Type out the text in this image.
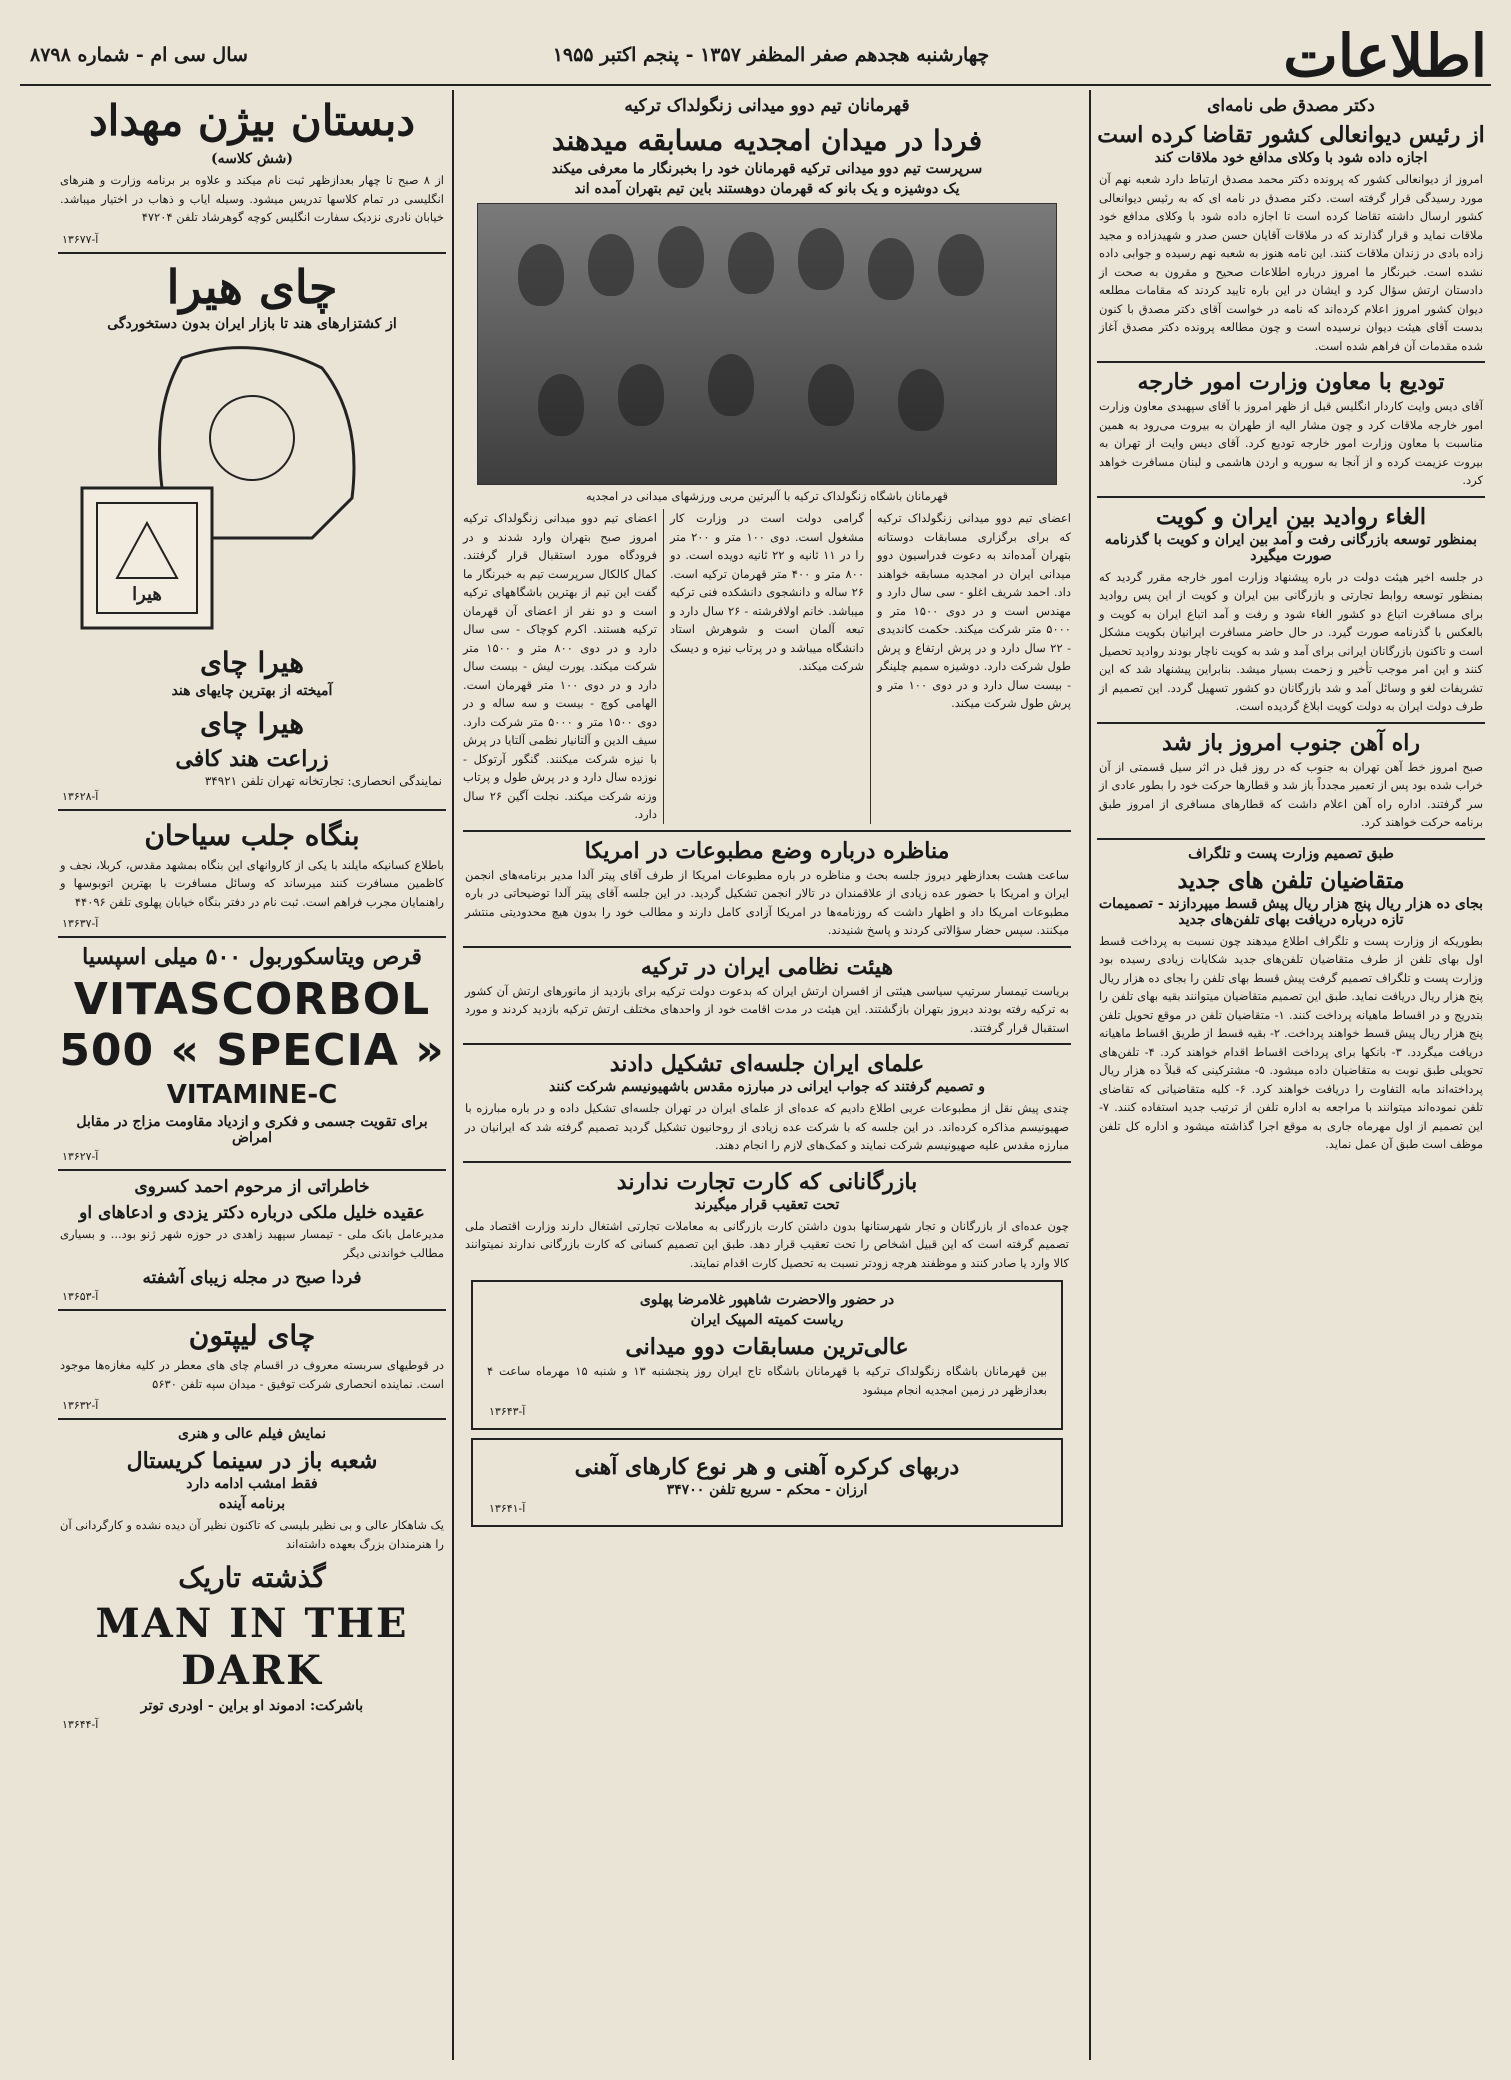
اطلاعات
چهارشنبه هجدهم صفر المظفر ۱۳۵۷ - پنجم اکتبر ۱۹۵۵
سال سی ام - شماره ۸۷۹۸
دکتر مصدق طی نامه‌ای
از رئیس دیوانعالی کشور تقاضا کرده است
اجازه داده شود با وکلای مدافع خود ملاقات کند

امروز از دیوانعالی کشور که پرونده دکتر محمد مصدق ارتباط دارد شعبه نهم آن مورد رسیدگی قرار گرفته است. دکتر مصدق در نامه ای که به رئیس دیوانعالی کشور ارسال داشته تقاضا کرده است تا اجازه داده شود با وکلای مدافع خود ملاقات نماید و قرار گذارند که در ملاقات آقایان حسن صدر و شهیدزاده و مجید زاده بادی در زندان ملاقات کنند. این نامه هنوز به شعبه نهم رسیده و جوابی داده نشده است. خبرنگار ما امروز درباره اطلاعات صحیح و مقرون به صحت از دادستان ارتش سؤال کرد و ایشان در این باره تایید کردند که مقامات مطلعه دیوان کشور امروز اعلام کرده‌اند که نامه در خواست آقای دکتر مصدق با کنون بدست آقای هیئت دیوان نرسیده است و چون مطالعه پرونده دکتر مصدق آغاز شده مقدمات آن فراهم شده است.

تودیع با معاون وزارت امور خارجه

آقای دیس وایت کاردار انگلیس قبل از ظهر امروز با آقای سپهبدی معاون وزارت امور خارجه ملاقات کرد و چون مشار الیه از طهران به بیروت می‌رود به همین مناسبت با معاون وزارت امور خارجه تودیع کرد. آقای دیس وایت از تهران به بیروت عزیمت کرده و از آنجا به سوریه و اردن هاشمی و لبنان مسافرت خواهد کرد.

الغاء روادید بین ایران و کویت
بمنظور توسعه بازرگانی رفت و آمد بین ایران و کویت با گذرنامه صورت میگیرد

در جلسه اخیر هیئت دولت در باره پیشنهاد وزارت امور خارجه مقرر گردید که بمنظور توسعه روابط تجارتی و بازرگانی بین ایران و کویت از این پس روادید برای مسافرت اتباع دو کشور الغاء شود و رفت و آمد اتباع ایران به کویت و بالعکس با گذرنامه صورت گیرد. در حال حاضر مسافرت ایرانیان بکویت مشکل است و تاکنون بازرگانان ایرانی برای آمد و شد به کویت ناچار بودند روادید تحصیل کنند و این امر موجب تأخیر و زحمت بسیار میشد. بنابراین پیشنهاد شد که این تشریفات لغو و وسائل آمد و شد بازرگانان دو کشور تسهیل گردد. این تصمیم از طرف دولت ایران به دولت کویت ابلاغ گردیده است.

راه آهن جنوب امروز باز شد

صبح امروز خط آهن تهران به جنوب که در روز قبل در اثر سیل قسمتی از آن خراب شده بود پس از تعمیر مجدداً باز شد و قطارها حرکت خود را بطور عادی از سر گرفتند. اداره راه آهن اعلام داشت که قطارهای مسافری از امروز طبق برنامه حرکت خواهند کرد.

طبق تصمیم وزارت پست و تلگراف
متقاضیان تلفن های جدید
بجای ده هزار ریال پنج هزار ریال پیش قسط میپردازند - تصمیمات تازه درباره دریافت بهای تلفن‌های جدید

بطوریکه از وزارت پست و تلگراف اطلاع میدهند چون نسبت به پرداخت قسط اول بهای تلفن از طرف متقاضیان تلفن‌های جدید شکایات زیادی رسیده بود وزارت پست و تلگراف تصمیم گرفت پیش قسط بهای تلفن را بجای ده هزار ریال پنج هزار ریال دریافت نماید. طبق این تصمیم متقاضیان میتوانند بقیه بهای تلفن را بتدریج و در اقساط ماهیانه پرداخت کنند. ۱- متقاضیان تلفن در موقع تحویل تلفن پنج هزار ریال پیش قسط خواهند پرداخت. ۲- بقیه قسط از طریق اقساط ماهیانه دریافت میگردد. ۳- بانکها برای پرداخت اقساط اقدام خواهند کرد. ۴- تلفن‌های تحویلی طبق نوبت به متقاضیان داده میشود. ۵- مشترکینی که قبلاً ده هزار ریال پرداخته‌اند مابه التفاوت را دریافت خواهند کرد. ۶- کلیه متقاضیانی که تقاضای تلفن نموده‌اند میتوانند با مراجعه به اداره تلفن از ترتیب جدید استفاده کنند. ۷- این تصمیم از اول مهرماه جاری به موقع اجرا گذاشته میشود و اداره کل تلفن موظف است طبق آن عمل نماید.

قهرمانان تیم دوو میدانی زنگولداک ترکیه
فردا در میدان امجدیه مسابقه میدهند
سرپرست تیم دوو میدانی ترکیه قهرمانان خود را بخبرنگار ما معرفی میکند
یک دوشیزه و یک بانو که قهرمان دوهستند باین تیم بتهران آمده اند
قهرمانان باشگاه زنگولداک ترکیه با آلبرتین مربی ورزشهای میدانی در امجدیه
اعضای تیم دوو میدانی زنگولداک ترکیه که برای برگزاری مسابقات دوستانه بتهران آمده‌اند به دعوت فدراسیون دوو میدانی ایران در امجدیه مسابقه خواهند داد. احمد شریف اغلو - سی سال دارد و مهندس است و در دوی ۱۵۰۰ متر و ۵۰۰۰ متر شرکت میکند. حکمت کاندیدی - ۲۲ سال دارد و در پرش ارتفاع و پرش طول شرکت دارد. دوشیزه سمیم چلینگر - بیست سال دارد و در دوی ۱۰۰ متر و پرش طول شرکت میکند.
گرامی دولت است در وزارت کار مشغول است. دوی ۱۰۰ متر و ۲۰۰ متر را در ۱۱ ثانیه و ۲۲ ثانیه دویده است. دو ۸۰۰ متر و ۴۰۰ متر قهرمان ترکیه است. ۲۶ ساله و دانشجوی دانشکده فنی ترکیه میباشد. خانم اولافرشته - ۲۶ سال دارد و تبعه آلمان است و شوهرش استاد دانشگاه میباشد و در پرتاب نیزه و دیسک شرکت میکند.
اعضای تیم دوو میدانی زنگولداک ترکیه امروز صبح بتهران وارد شدند و در فرودگاه مورد استقبال قرار گرفتند. کمال کالکال سرپرست تیم به خبرنگار ما گفت این تیم از بهترین باشگاههای ترکیه است و دو نفر از اعضای آن قهرمان ترکیه هستند. اکرم کوچاک - سی سال دارد و در دوی ۸۰۰ متر و ۱۵۰۰ متر شرکت میکند. یورت لیش - بیست سال دارد و در دوی ۱۰۰ متر قهرمان است. الهامی کوچ - بیست و سه ساله و در دوی ۱۵۰۰ متر و ۵۰۰۰ متر شرکت دارد. سیف الدین و آلتانیار نظمی آلتایا در پرش با نیزه شرکت میکنند. گنگور آرتوکل - نوزده سال دارد و در پرش طول و پرتاب وزنه شرکت میکند. نجلت آگین ۲۶ سال دارد.
مناظره درباره وضع مطبوعات در امریکا

ساعت هشت بعدازظهر دیروز جلسه بحث و مناظره در باره مطبوعات امریکا از طرف آقای پیتر آلدا مدیر برنامه‌های انجمن ایران و امریکا با حضور عده زیادی از علاقمندان در تالار انجمن تشکیل گردید. در این جلسه آقای پیتر آلدا توضیحاتی در باره مطبوعات امریکا داد و اظهار داشت که روزنامه‌ها در امریکا آزادی کامل دارند و مطالب خود را بدون هیچ محدودیتی منتشر میکنند. سپس حضار سؤالاتی کردند و پاسخ شنیدند.

هیئت نظامی ایران در ترکیه

بریاست تیمسار سرتیپ سیاسی هیئتی از افسران ارتش ایران که بدعوت دولت ترکیه برای بازدید از مانورهای ارتش آن کشور به ترکیه رفته بودند دیروز بتهران بازگشتند. این هیئت در مدت اقامت خود از واحدهای مختلف ارتش ترکیه بازدید کردند و مورد استقبال قرار گرفتند.

علمای ایران جلسه‌ای تشکیل دادند
و تصمیم گرفتند که جواب ایرانی در مبارزه مقدس باشهیونیسم شرکت کنند

چندی پیش نقل از مطبوعات عربی اطلاع دادیم که عده‌ای از علمای ایران در تهران جلسه‌ای تشکیل داده و در باره مبارزه با صهیونیسم مذاکره کرده‌اند. در این جلسه که با شرکت عده زیادی از روحانیون تشکیل گردید تصمیم گرفته شد که ایرانیان در مبارزه مقدس علیه صهیونیسم شرکت نمایند و کمک‌های لازم را انجام دهند.

بازرگانانی که کارت تجارت ندارند
تحت تعقیب قرار میگیرند

چون عده‌ای از بازرگانان و تجار شهرستانها بدون داشتن کارت بازرگانی به معاملات تجارتی اشتغال دارند وزارت اقتصاد ملی تصمیم گرفته است که این قبیل اشخاص را تحت تعقیب قرار دهد. طبق این تصمیم کسانی که کارت بازرگانی ندارند نمیتوانند کالا وارد یا صادر کنند و موظفند هرچه زودتر نسبت به تحصیل کارت اقدام نمایند.

در حضور والاحضرت شاهپور غلامرضا پهلوی
ریاست کمیته المپیک ایران
عالی‌ترین مسابقات دوو میدانی

بین قهرمانان باشگاه زنگولداک ترکیه با قهرمانان باشگاه تاج ایران روز پنجشنبه ۱۳ و شنبه ۱۵ مهرماه ساعت ۴ بعدازظهر در زمین امجدیه انجام میشود

آ-۱۳۶۴۳
دربهای کرکره آهنی و هر نوع کارهای آهنی
ارزان - محکم - سریع تلفن ۳۴۷۰۰
آ-۱۳۶۴۱
دبستان بیژن مهداد
(شش کلاسه)

از ۸ صبح تا چهار بعدازظهر ثبت نام میکند و علاوه بر برنامه وزارت و هنرهای انگلیسی در تمام کلاسها تدریس میشود. وسیله ایاب و ذهاب در اختیار میباشد. خیابان نادری نزدیک سفارت انگلیس کوچه گوهرشاد تلفن ۴۷۲۰۴

آ-۱۳۶۷۷
چای هیرا
از کشتزارهای هند تا بازار ایران بدون دستخوردگی
هیرا
هیرا چای
آمیخته از بهترین چایهای هند
هیرا چای
زراعت هند کافی
نمایندگی انحصاری: تجارتخانه تهران تلفن ۳۴۹۲۱
آ-۱۳۶۲۸
بنگاه جلب سیاحان

باطلاع کسانیکه مایلند با یکی از کاروانهای این بنگاه بمشهد مقدس، کربلا، نجف و کاظمین مسافرت کنند میرساند که وسائل مسافرت با بهترین اتوبوسها و راهنمایان مجرب فراهم است. ثبت نام در دفتر بنگاه خیابان پهلوی تلفن ۴۴۰۹۶

آ-۱۳۶۳۷
قرص ویتاسکوربول ۵۰۰ میلی اسپسیا
VITASCORBOL 500 « SPECIA »
VITAMINE-C
برای تقویت جسمی و فکری و ازدیاد مقاومت مزاج در مقابل امراض
آ-۱۳۶۲۷
خاطراتی از مرحوم احمد کسروی
عقیده خلیل ملکی درباره دکتر یزدی و ادعاهای او

مدیرعامل بانک ملی - تیمسار سپهبد زاهدی در حوزه شهر ژنو بود... و بسیاری مطالب خواندنی دیگر

فردا صبح در مجله زیبای آشفته
آ-۱۳۶۵۳
چای لیپتون

در قوطیهای سربسته معروف در اقسام چای های معطر در کلیه مغازه‌ها موجود است. نماینده انحصاری شرکت توفیق - میدان سپه تلفن ۵۶۳۰

آ-۱۳۶۳۲
نمایش فیلم عالی و هنری
شعبه باز در سینما کریستال
فقط امشب ادامه دارد
برنامه آینده

یک شاهکار عالی و بی نظیر بلیسی که تاکنون نظیر آن دیده نشده و کارگردانی آن را هنرمندان بزرگ بعهده داشته‌اند

گذشته تاریک
MAN IN THE DARK
باشرکت: ادموند او براین - اودری توتر
آ-۱۳۶۴۴
